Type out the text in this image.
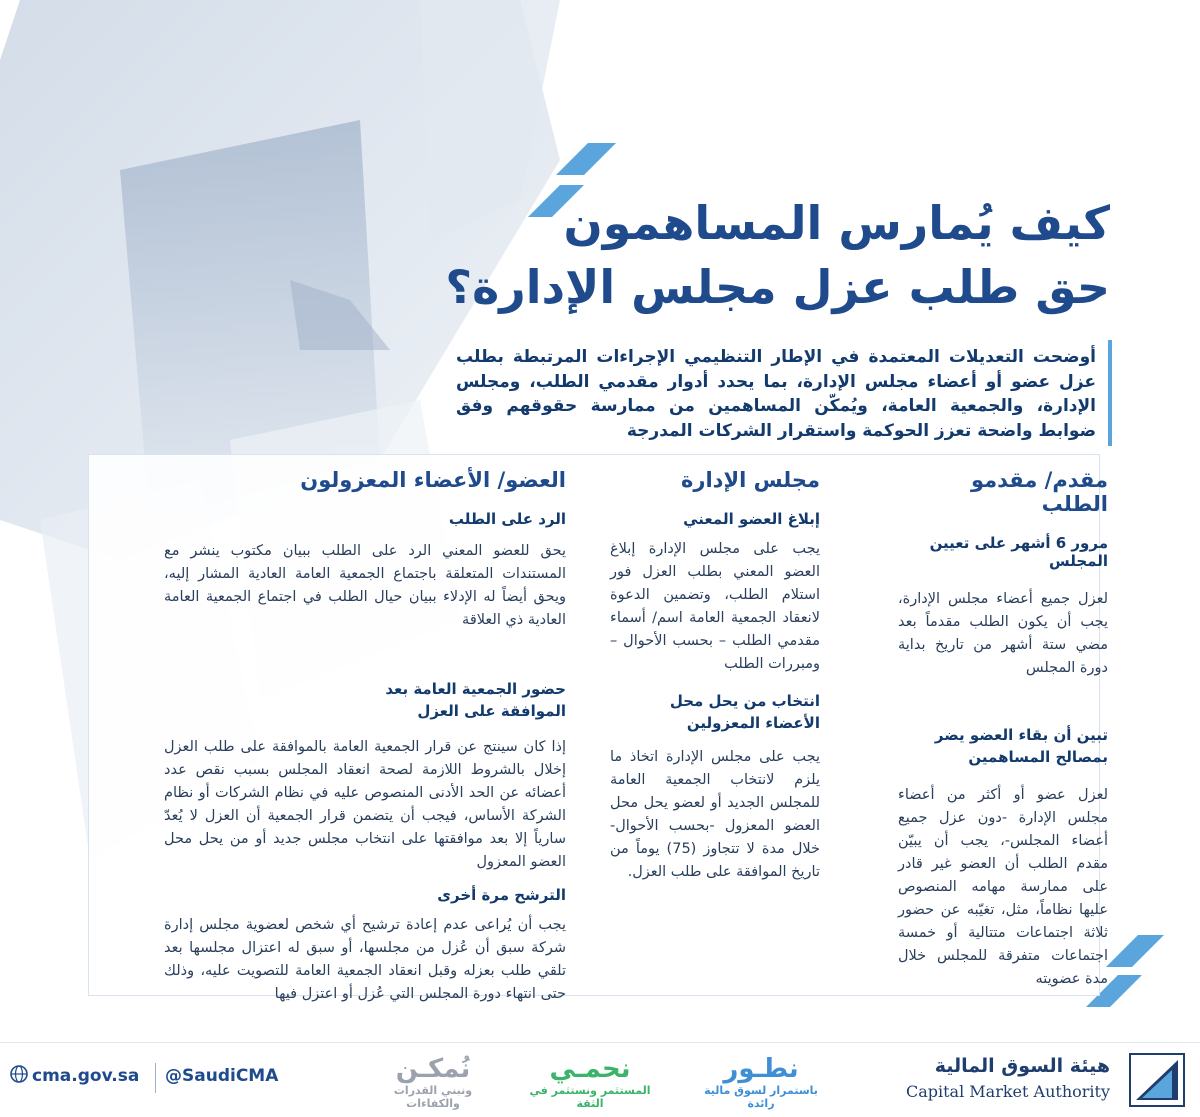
كيف يُمارس المساهمون
حق طلب عزل مجلس الإدارة؟
أوضحت التعديلات المعتمدة في الإطار التنظيمي الإجراءات المرتبطة بطلب عزل عضو أو أعضاء مجلس الإدارة، بما يحدد أدوار مقدمي الطلب، ومجلس الإدارة، والجمعية العامة، ويُمكّن المساهمين من ممارسة حقوقهم وفق ضوابط واضحة تعزز الحوكمة واستقرار الشركات المدرجة
مقدم/ مقدمو الطلب
مرور 6 أشهر على تعيين المجلس
لعزل جميع أعضاء مجلس الإدارة، يجب أن يكون الطلب مقدماً بعد مضي ستة أشهر من تاريخ بداية دورة المجلس
تبين أن بقاء العضو يضر بمصالح المساهمين
لعزل عضو أو أكثر من أعضاء مجلس الإدارة -دون عزل جميع أعضاء المجلس-، يجب أن يبيّن مقدم الطلب أن العضو غير قادر على ممارسة مهامه المنصوص عليها نظاماً، مثل، تغيّبه عن حضور ثلاثة اجتماعات متتالية أو خمسة اجتماعات متفرقة للمجلس خلال مدة عضويته
مجلس الإدارة
إبلاغ العضو المعني
يجب على مجلس الإدارة إبلاغ العضو المعني بطلب العزل فور استلام الطلب، وتضمين الدعوة لانعقاد الجمعية العامة اسم/ أسماء مقدمي الطلب – بحسب الأحوال – ومبررات الطلب
انتخاب من يحل محل الأعضاء المعزولين
يجب على مجلس الإدارة اتخاذ ما يلزم لانتخاب الجمعية العامة للمجلس الجديد أو لعضو يحل محل العضو المعزول -بحسب الأحوال- خلال مدة لا تتجاوز (75) يوماً من تاريخ الموافقة على طلب العزل.
العضو/ الأعضاء المعزولون
الرد على الطلب
يحق للعضو المعني الرد على الطلب ببيان مكتوب ينشر مع المستندات المتعلقة باجتماع الجمعية العامة العادية المشار إليه، ويحق أيضاً له الإدلاء ببيان حيال الطلب في اجتماع الجمعية العامة العادية ذي العلاقة
حضور الجمعية العامة بعد الموافقة على العزل
إذا كان سينتج عن قرار الجمعية العامة بالموافقة على طلب العزل إخلال بالشروط اللازمة لصحة انعقاد المجلس بسبب نقص عدد أعضائه عن الحد الأدنى المنصوص عليه في نظام الشركات أو نظام الشركة الأساس، فيجب أن يتضمن قرار الجمعية أن العزل لا يُعدّ سارياً إلا بعد موافقتها على انتخاب مجلس جديد أو من يحل محل العضو المعزول
الترشح مرة أخرى
يجب أن يُراعى عدم إعادة ترشيح أي شخص لعضوية مجلس إدارة شركة سبق أن عُزل من مجلسها، أو سبق له اعتزال مجلسها بعد تلقي طلب بعزله وقبل انعقاد الجمعية العامة للتصويت عليه، وذلك حتى انتهاء دورة المجلس التي عُزل أو اعتزل فيها
cma.gov.sa @SaudiCMA	نُمكـن
ونبني القدرات والكفاءات
نحمـي
المستثمر ونستثمر في الثقة
نطـور
باستمرار لسوق مالية رائدة
هيئة السوق المالية
Capital Market Authority
